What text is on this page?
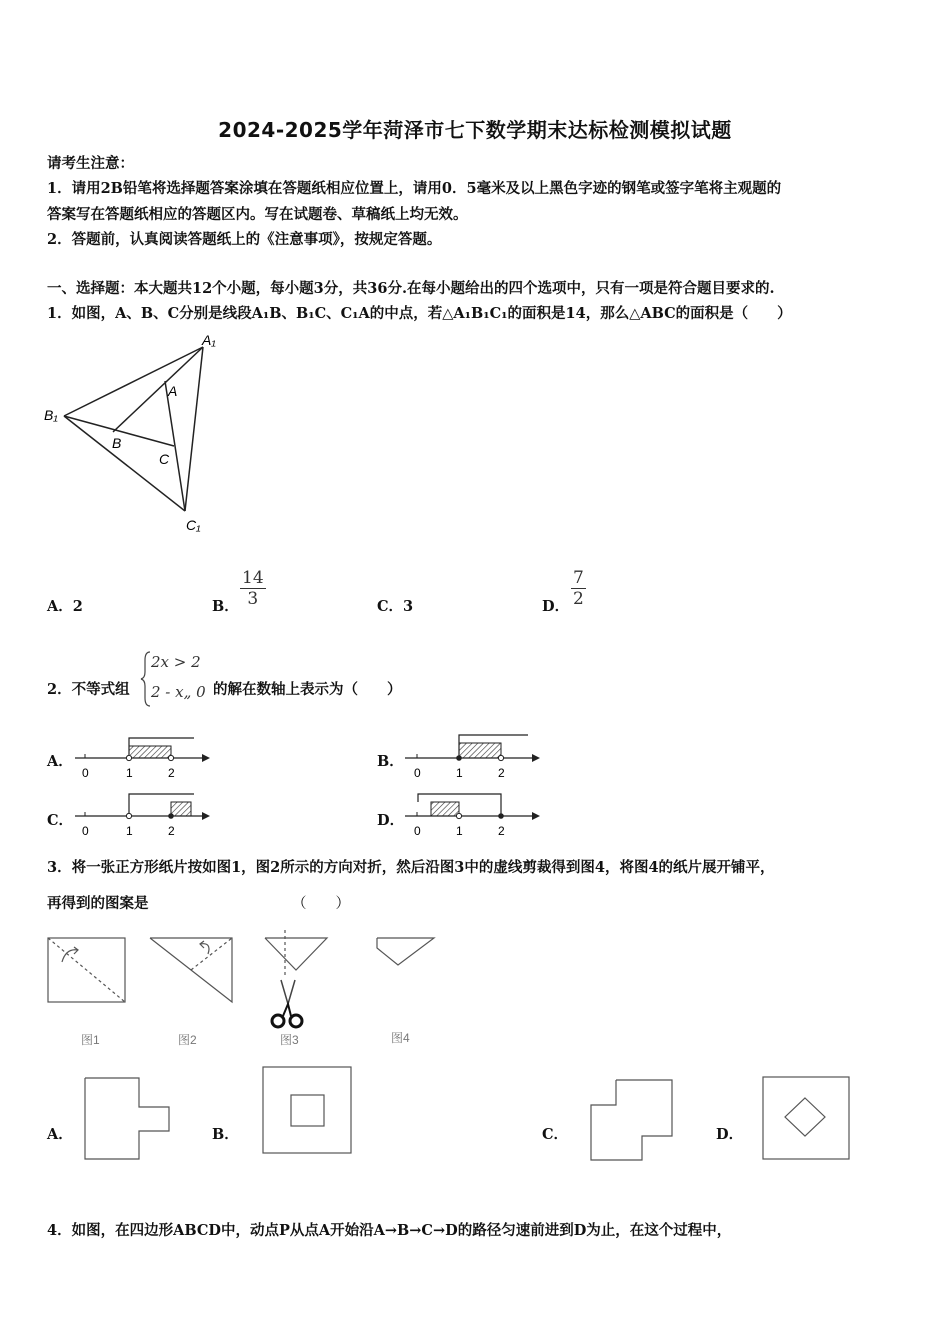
2024-2025学年菏泽市七下数学期末达标检测模拟试题
请考生注意：
1．请用2B铅笔将选择题答案涂填在答题纸相应位置上，请用0．5毫米及以上黑色字迹的钢笔或签字笔将主观题的
答案写在答题纸相应的答题区内。写在试题卷、草稿纸上均无效。
2．答题前，认真阅读答题纸上的《注意事项》，按规定答题。
一、选择题：本大题共12个小题，每小题3分，共36分.在每小题给出的四个选项中，只有一项是符合题目要求的.
1．如图，A、B、C分别是线段A₁B、B₁C、C₁A的中点，若△A₁B₁C₁的面积是14，那么△ABC的面积是（　　）
A₁
B₁
C₁
A
B
C
A．2	B． $\frac{14}{3}$	C．3	D． $\frac{7}{2}$
2．不等式组
2x > 2
2 - x„ 0 的解在数轴上表示为（　　）
A．
0	1	2
B．
0	1	2
C．
0	1	2
D．
0	1	2
3．将一张正方形纸片按如图1，图2所示的方向对折，然后沿图3中的虚线剪裁得到图4，将图4的纸片展开铺平，
再得到的图案是	（　　）
图1	图2	图3	图4
A．	B．	C．	D．
4．如图，在四边形ABCD中，动点P从点A开始沿A→B→C→D的路径匀速前进到D为止，在这个过程中，
